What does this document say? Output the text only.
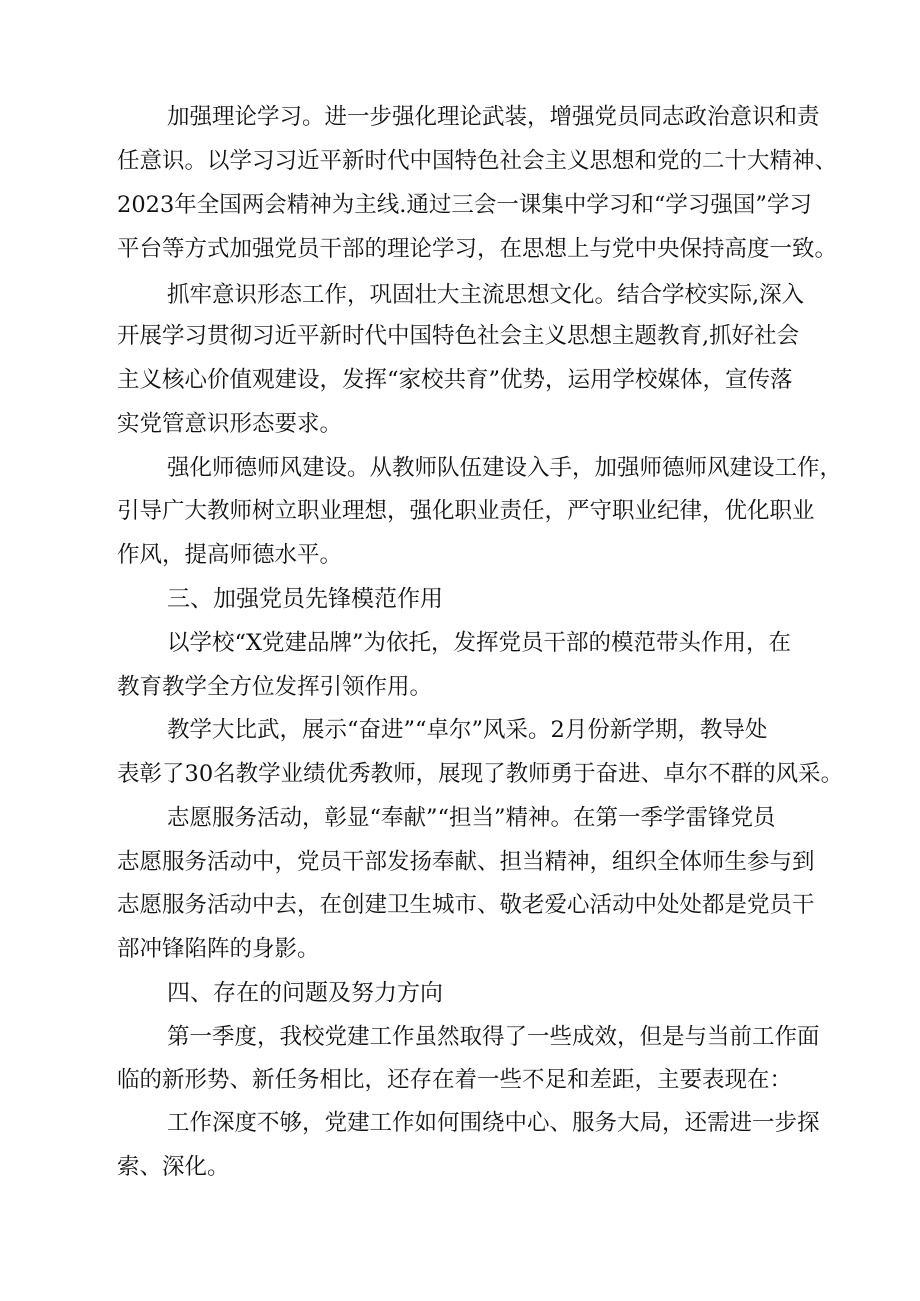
加强理论学习。进一步强化理论武装，增强党员同志政治意识和责
任意识。以学习习近平新时代中国特色社会主义思想和党的二十大精神、
2023年全国两会精神为主线.通过三会一课集中学习和“学习强国”学习
平台等方式加强党员干部的理论学习，在思想上与党中央保持高度一致。
抓牢意识形态工作，巩固壮大主流思想文化。结合学校实际,深入
开展学习贯彻习近平新时代中国特色社会主义思想主题教育,抓好社会
主义核心价值观建设，发挥“家校共育”优势，运用学校媒体，宣传落
实党管意识形态要求。
强化师德师风建设。从教师队伍建设入手，加强师德师风建设工作，
引导广大教师树立职业理想，强化职业责任，严守职业纪律，优化职业
作风，提高师德水平。
三、加强党员先锋模范作用
以学校“X党建品牌”为依托，发挥党员干部的模范带头作用，在
教育教学全方位发挥引领作用。
教学大比武，展示“奋进”“卓尔”风采。2月份新学期，教导处
表彰了30名教学业绩优秀教师，展现了教师勇于奋进、卓尔不群的风采。
志愿服务活动，彰显“奉献”“担当”精神。在第一季学雷锋党员
志愿服务活动中，党员干部发扬奉献、担当精神，组织全体师生参与到
志愿服务活动中去，在创建卫生城市、敬老爱心活动中处处都是党员干
部冲锋陷阵的身影。
四、存在的问题及努力方向
第一季度，我校党建工作虽然取得了一些成效，但是与当前工作面
临的新形势、新任务相比，还存在着一些不足和差距，主要表现在：
工作深度不够，党建工作如何围绕中心、服务大局，还需进一步探
索、深化。
